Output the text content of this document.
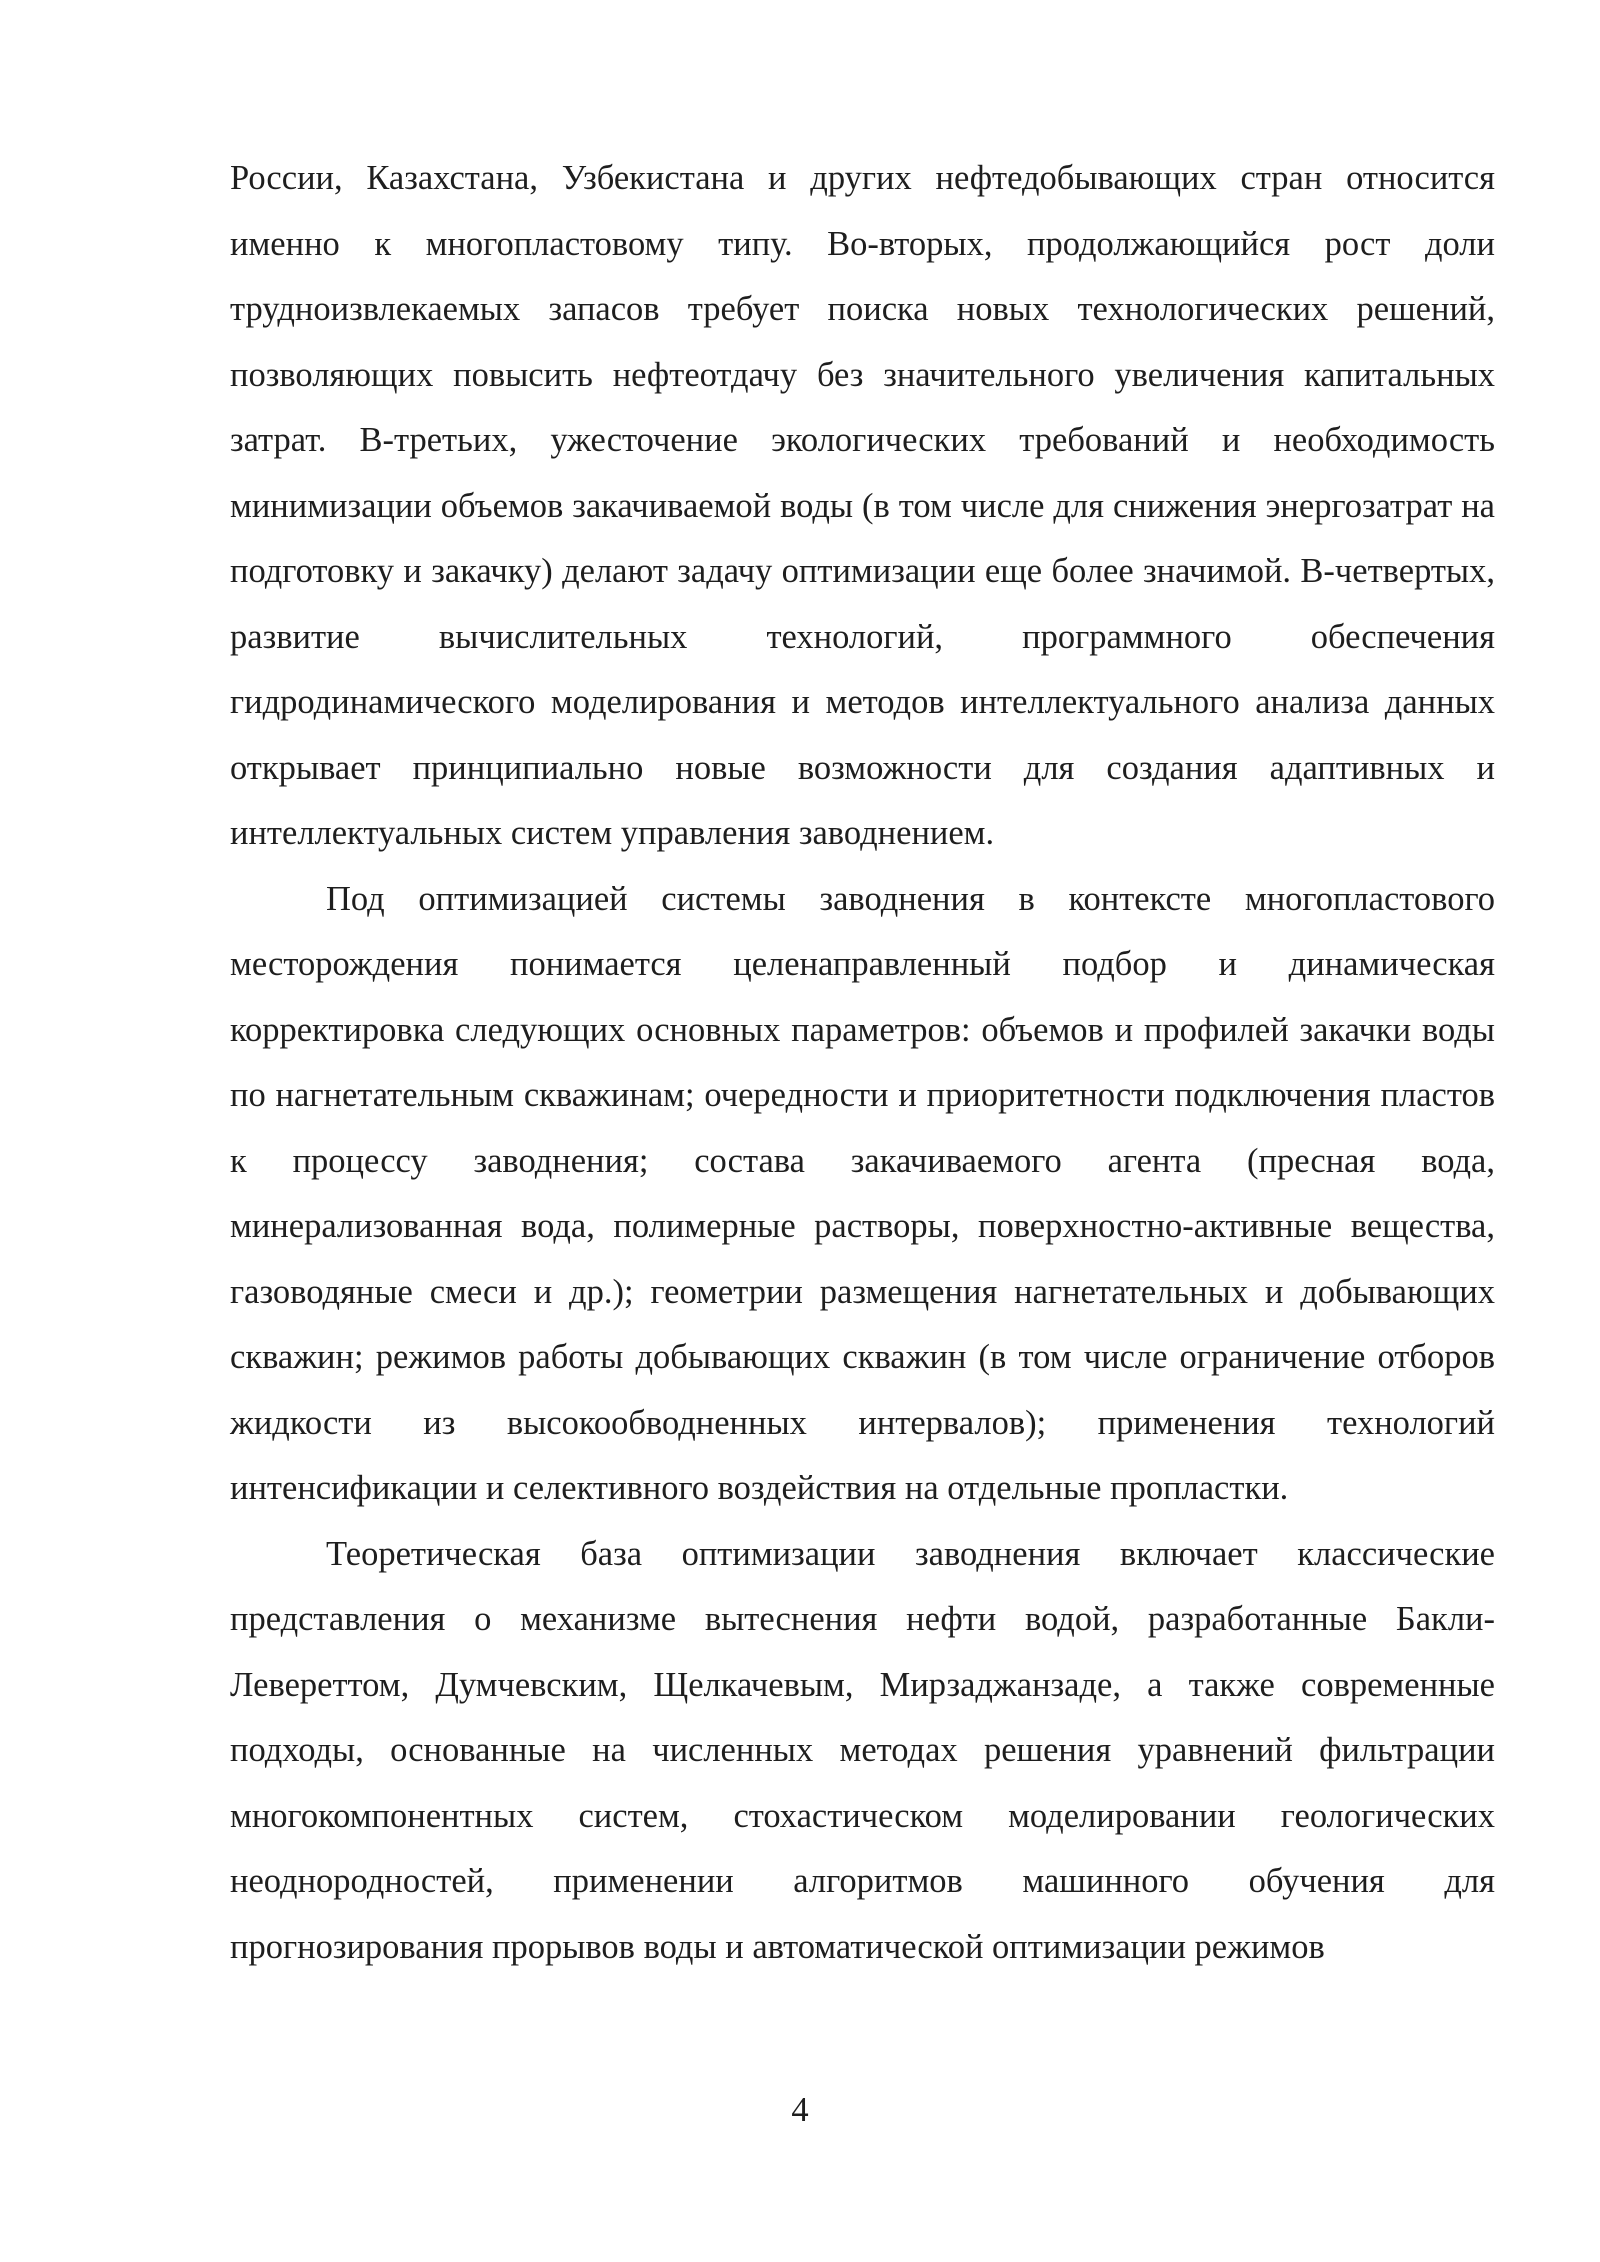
России, Казахстана, Узбекистана и других нефтедобывающих стран относится именно к многопластовому типу. Во-вторых, продолжающийся рост доли трудноизвлекаемых запасов требует поиска новых технологических решений, позволяющих повысить нефтеотдачу без значительного увеличения капитальных затрат. В-третьих, ужесточение экологических требований и необходимость минимизации объемов закачиваемой воды (в том числе для снижения энергозатрат на подготовку и закачку) делают задачу оптимизации еще более значимой. В-четвертых, развитие вычислительных технологий, программного обеспечения гидродинамического моделирования и методов интеллектуального анализа данных открывает принципиально новые возможности для создания адаптивных и интеллектуальных систем управления заводнением.

Под оптимизацией системы заводнения в контексте многопластового месторождения понимается целенаправленный подбор и динамическая корректировка следующих основных параметров: объемов и профилей закачки воды по нагнетательным скважинам; очередности и приоритетности подключения пластов к процессу заводнения; состава закачиваемого агента (пресная вода, минерализованная вода, полимерные растворы, поверхностно-активные вещества, газоводяные смеси и др.); геометрии размещения нагнетательных и добывающих скважин; режимов работы добывающих скважин (в том числе ограничение отборов жидкости из высокообводненных интервалов); применения технологий интенсификации и селективного воздействия на отдельные пропластки.

Теоретическая база оптимизации заводнения включает классические представления о механизме вытеснения нефти водой, разработанные Бакли-Левереттом, Думчевским, Щелкачевым, Мирзаджанзаде, а также современные подходы, основанные на численных методах решения уравнений фильтрации многокомпонентных систем, стохастическом моделировании геологических неоднородностей, применении алгоритмов машинного обучения для прогнозирования прорывов воды и автоматической оптимизации режимов

4
